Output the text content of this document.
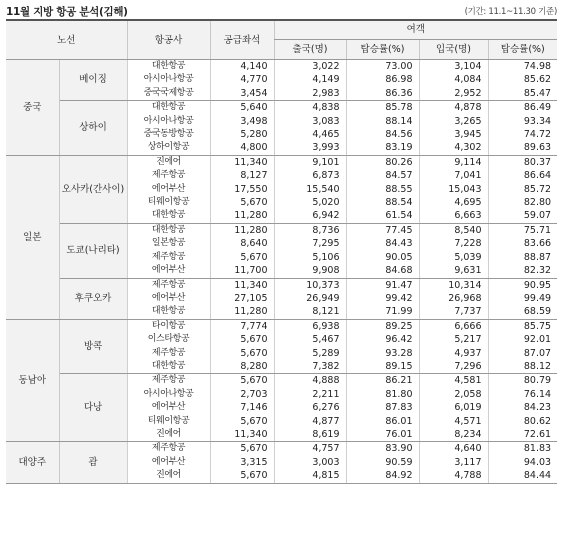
11월 지방 항공 분석(김해)	(기간: 11.1~11.30 기준)
노선		항공사	공급좌석	여객			
				출국(명)	탑승률(%)	입국(명)	탑승률(%)
중국	베이징	대한항공	4,140	3,022	73.00	3,104	74.98
		아시아나항공	4,770	4,149	86.98	4,084	85.62
		중국국제항공	3,454	2,983	86.36	2,952	85.47
	상하이	대한항공	5,640	4,838	85.78	4,878	86.49
		아시아나항공	3,498	3,083	88.14	3,265	93.34
		중국동방항공	5,280	4,465	84.56	3,945	74.72
		상하이항공	4,800	3,993	83.19	4,302	89.63
일본	오사카(간사이)	진에어	11,340	9,101	80.26	9,114	80.37
		제주항공	8,127	6,873	84.57	7,041	86.64
		에어부산	17,550	15,540	88.55	15,043	85.72
		티웨이항공	5,670	5,020	88.54	4,695	82.80
		대한항공	11,280	6,942	61.54	6,663	59.07
	도쿄(나리타)	대한항공	11,280	8,736	77.45	8,540	75.71
		일본항공	8,640	7,295	84.43	7,228	83.66
		제주항공	5,670	5,106	90.05	5,039	88.87
		에어부산	11,700	9,908	84.68	9,631	82.32
	후쿠오카	제주항공	11,340	10,373	91.47	10,314	90.95
		에어부산	27,105	26,949	99.42	26,968	99.49
		대한항공	11,280	8,121	71.99	7,737	68.59
동남아	방콕	타이항공	7,774	6,938	89.25	6,666	85.75
		이스타항공	5,670	5,467	96.42	5,217	92.01
		제주항공	5,670	5,289	93.28	4,937	87.07
		대한항공	8,280	7,382	89.15	7,296	88.12
	다낭	제주항공	5,670	4,888	86.21	4,581	80.79
		아시아나항공	2,703	2,211	81.80	2,058	76.14
		에어부산	7,146	6,276	87.83	6,019	84.23
		티웨이항공	5,670	4,877	86.01	4,571	80.62
		진에어	11,340	8,619	76.01	8,234	72.61
대양주	괌	제주항공	5,670	4,757	83.90	4,640	81.83
		에어부산	3,315	3,003	90.59	3,117	94.03
		진에어	5,670	4,815	84.92	4,788	84.44
